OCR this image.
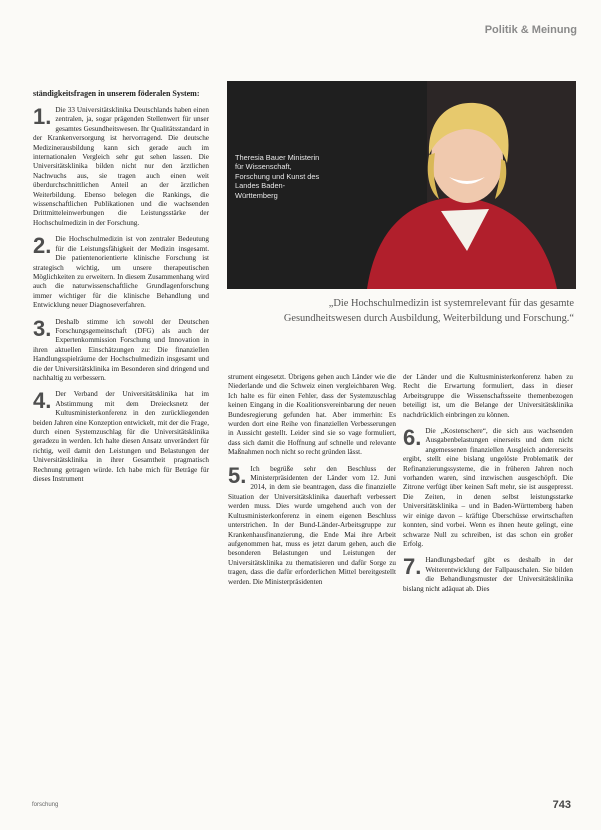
Politik & Meinung

ständigkeitsfragen in unserem föderalen System:

1. Die 33 Universitätsklinika Deutschlands haben einen zentralen, ja, sogar prägenden Stellenwert für unser gesamtes Gesundheitswesen. Ihr Qualitätsstandard in der Krankenversorgung ist hervorragend. Die deutsche Medizinerausbildung kann sich gerade auch im internationalen Vergleich sehr gut sehen lassen. Die Universitätsklinika bilden nicht nur den ärztlichen Nachwuchs aus, sie tragen auch einen weit überdurchschnittlichen Anteil an der ärztlichen Weiterbildung. Ebenso belegen die Rankings, die wissenschaftlichen Publikationen und die wachsenden Drittmitteleinwerbungen die Leistungsstärke der Hochschulmedizin in der Forschung.

2. Die Hochschulmedizin ist von zentraler Bedeutung für die Leistungsfähigkeit der Medizin insgesamt. Die patientenorientierte klinische Forschung ist strategisch wichtig, um unsere therapeutischen Möglichkeiten zu erweitern. In diesem Zusammenhang wird auch die naturwissenschaftliche Grundlagenforschung immer wichtiger für die klinische Behandlung und Entwicklung neuer Diagnoseverfahren.

3. Deshalb stimme ich sowohl der Deutschen Forschungsgemeinschaft (DFG) als auch der Expertenkommission Forschung und Innovation in ihren aktuellen Einschätzungen zu: Die finanziellen Handlungsspielräume der Hochschulmedizin insgesamt und die der Universitätsklinika im Besonderen sind dringend und nachhaltig zu verbessern.

4. Der Verband der Universitätsklinika hat im Abstimmung mit dem Dreiecksnetz der Kultusministerkonferenz in den zurückliegenden beiden Jahren eine Konzeption entwickelt, mit der die Frage, durch einen Systemzuschlag für die Universitätsklinika geradezu in werden. Ich halte diesen Ansatz unverändert für richtig, weil damit den Leistungen und Belastungen der Universitätsklinika in ihrer Gesamtheit pragmatisch Rechnung getragen würde. Ich habe mich für Beträge für dieses Instrument

Theresia Bauer Ministerin für Wissenschaft, Forschung und Kunst des Landes Baden-Württemberg
„Die Hochschulmedizin ist systemrelevant für das gesamte Gesundheitswesen durch Ausbildung, Weiterbildung und Forschung.“

strument eingesetzt. Übrigens gehen auch Länder wie die Niederlande und die Schweiz einen vergleichbaren Weg. Ich halte es für einen Fehler, dass der Systemzuschlag keinen Eingang in die Koalitionsvereinbarung der neuen Bundesregierung gefunden hat. Aber immerhin: Es wurden dort eine Reihe von finanziellen Verbesserungen in Aussicht gestellt. Leider sind sie so vage formuliert, dass sich damit die Hoffnung auf schnelle und relevante Maßnahmen noch nicht so recht gründen lässt.

5. Ich begrüße sehr den Beschluss der Ministerpräsidenten der Länder vom 12. Juni 2014, in dem sie beantragen, dass die finanzielle Situation der Universitätsklinika dauerhaft verbessert werden muss. Dies wurde umgehend auch von der Kultusministerkonferenz in einem eigenen Beschluss unterstrichen. In der Bund-Länder-Arbeitsgruppe zur Krankenhausfinanzierung, die Ende Mai ihre Arbeit aufgenommen hat, muss es jetzt darum gehen, auch die besonderen Belastungen und Leistungen der Universitätsklinika zu thematisieren und dafür Sorge zu tragen, dass die dafür erforderlichen Mittel bereitgestellt werden. Die Ministerpräsidenten

der Länder und die Kultusministerkonferenz haben zu Recht die Erwartung formuliert, dass in dieser Arbeitsgruppe die Wissenschaftsseite themenbezogen beteiligt ist, um die Belange der Universitätsklinika nachdrücklich einbringen zu können.

6. Die „Kostenschere“, die sich aus wachsenden Ausgabenbelastungen einerseits und dem nicht angemessenen finanziellen Ausgleich andererseits ergibt, stellt eine bislang ungelöste Problematik der Refinanzierungssysteme, die in früheren Jahren noch vorhanden waren, sind inzwischen ausgeschöpft. Die Zitrone verfügt über keinen Saft mehr, sie ist ausgepresst. Die Zeiten, in denen selbst leistungsstarke Universitätsklinika – und in Baden-Württemberg haben wir einige davon – kräftige Überschüsse erwirtschaften konnten, sind vorbei. Wenn es ihnen heute gelingt, eine schwarze Null zu schreiben, ist das schon ein großer Erfolg.

7. Handlungsbedarf gibt es deshalb in der Weiterentwicklung der Fallpauschalen. Sie bilden die Behandlungsmuster der Universitätsklinika bislang nicht adäquat ab. Dies

forschung	743
